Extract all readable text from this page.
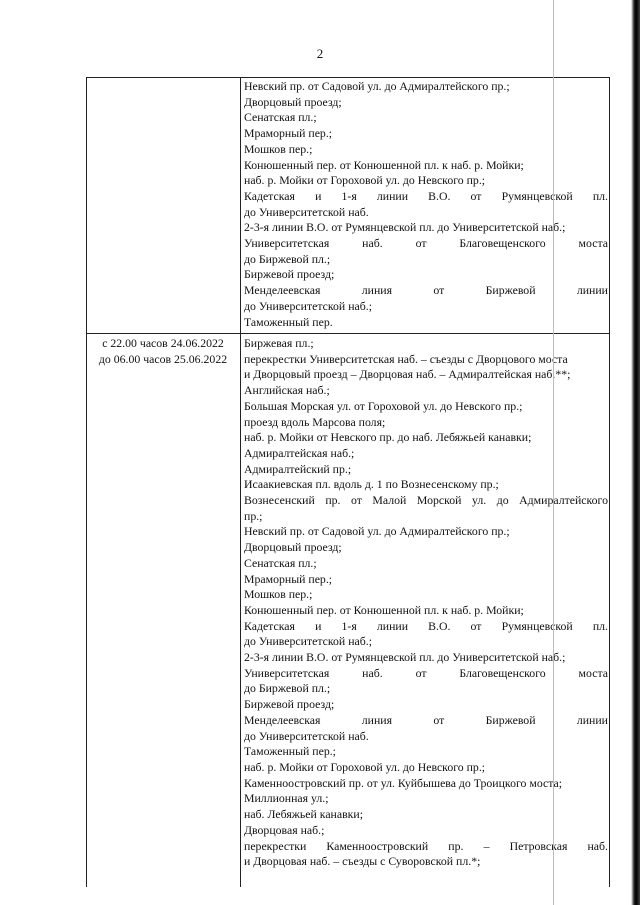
2
Невский пр. от Садовой ул. до Адмиралтейского пр.;
Дворцовый проезд;
Сенатская пл.;
Мраморный пер.;
Мошков пер.;
Конюшенный пер. от Конюшенной пл. к наб. р. Мойки;
наб. р. Мойки от Гороховой ул. до Невского пр.;
Кадетская и 1-я линии В.О. от Румянцевской пл.
до Университетской наб.
2-3-я линии В.О. от Румянцевской пл. до Университетской наб.;
Университетская наб. от Благовещенского моста
до Биржевой пл.;
Биржевой проезд;
Менделеевская линия от Биржевой линии
до Университетской наб.;
Таможенный пер.
с 22.00 часов 24.06.2022
до 06.00 часов 25.06.2022
Биржевая пл.;
перекрестки Университетская наб. – съезды с Дворцового моста
и Дворцовый проезд – Дворцовая наб. – Адмиралтейская наб.**;
Английская наб.;
Большая Морская ул. от Гороховой ул. до Невского пр.;
проезд вдоль Марсова поля;
наб. р. Мойки от Невского пр. до наб. Лебяжьей канавки;
Адмиралтейская наб.;
Адмиралтейский пр.;
Исаакиевская пл. вдоль д. 1 по Вознесенскому пр.;
Вознесенский пр. от Малой Морской ул. до Адмиралтейского
пр.;
Невский пр. от Садовой ул. до Адмиралтейского пр.;
Дворцовый проезд;
Сенатская пл.;
Мраморный пер.;
Мошков пер.;
Конюшенный пер. от Конюшенной пл. к наб. р. Мойки;
Кадетская и 1-я линии В.О. от Румянцевской пл.
до Университетской наб.;
2-3-я линии В.О. от Румянцевской пл. до Университетской наб.;
Университетская наб. от Благовещенского моста
до Биржевой пл.;
Биржевой проезд;
Менделеевская линия от Биржевой линии
до Университетской наб.
Таможенный пер.;
наб. р. Мойки от Гороховой ул. до Невского пр.;
Каменноостровский пр. от ул. Куйбышева до Троицкого моста;
Миллионная ул.;
наб. Лебяжьей канавки;
Дворцовая наб.;
перекрестки Каменноостровский пр. – Петровская наб.
и Дворцовая наб. – съезды с Суворовской пл.*;
